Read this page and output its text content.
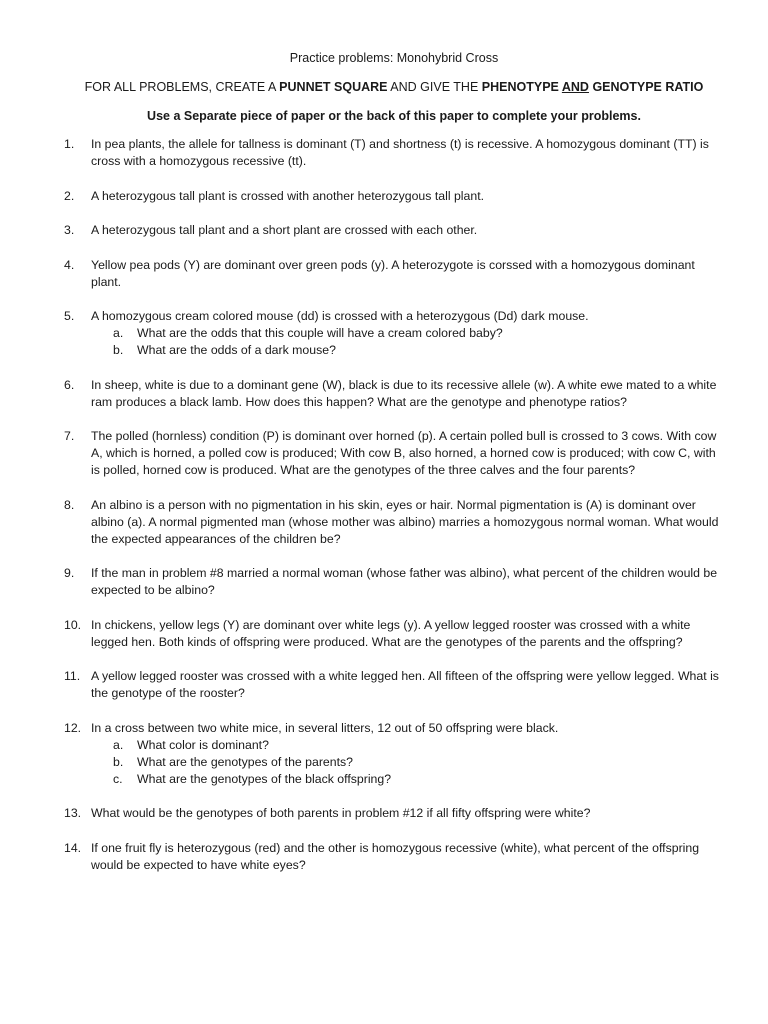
Practice problems: Monohybrid Cross
FOR ALL PROBLEMS, CREATE A PUNNET SQUARE AND GIVE THE PHENOTYPE AND GENOTYPE RATIO
Use a Separate piece of paper or the back of this paper to complete your problems.
1. In pea plants, the allele for tallness is dominant (T) and shortness (t) is recessive. A homozygous dominant (TT) is cross with a homozygous recessive (tt).
2. A heterozygous tall plant is crossed with another heterozygous tall plant.
3. A heterozygous tall plant and a short plant are crossed with each other.
4. Yellow pea pods (Y) are dominant over green pods (y). A heterozygote is corssed with a homozygous dominant plant.
5. A homozygous cream colored mouse (dd) is crossed with a heterozygous (Dd) dark mouse.
a. What are the odds that this couple will have a cream colored baby?
b. What are the odds of a dark mouse?
6. In sheep, white is due to a dominant gene (W), black is due to its recessive allele (w). A white ewe mated to a white ram produces a black lamb. How does this happen? What are the genotype and phenotype ratios?
7. The polled (hornless) condition (P) is dominant over horned (p). A certain polled bull is crossed to 3 cows. With cow A, which is horned, a polled cow is produced; With cow B, also horned, a horned cow is produced; with cow C, with is polled, horned cow is produced. What are the genotypes of the three calves and the four parents?
8. An albino is a person with no pigmentation in his skin, eyes or hair. Normal pigmentation is (A) is dominant over albino (a). A normal pigmented man (whose mother was albino) marries a homozygous normal woman. What would the expected appearances of the children be?
9. If the man in problem #8 married a normal woman (whose father was albino), what percent of the children would be expected to be albino?
10. In chickens, yellow legs (Y) are dominant over white legs (y). A yellow legged rooster was crossed with a white legged hen. Both kinds of offspring were produced. What are the genotypes of the parents and the offspring?
11. A yellow legged rooster was crossed with a white legged hen. All fifteen of the offspring were yellow legged. What is the genotype of the rooster?
12. In a cross between two white mice, in several litters, 12 out of 50 offspring were black.
a. What color is dominant?
b. What are the genotypes of the parents?
c. What are the genotypes of the black offspring?
13. What would be the genotypes of both parents in problem #12 if all fifty offspring were white?
14. If one fruit fly is heterozygous (red) and the other is homozygous recessive (white), what percent of the offspring would be expected to have white eyes?
